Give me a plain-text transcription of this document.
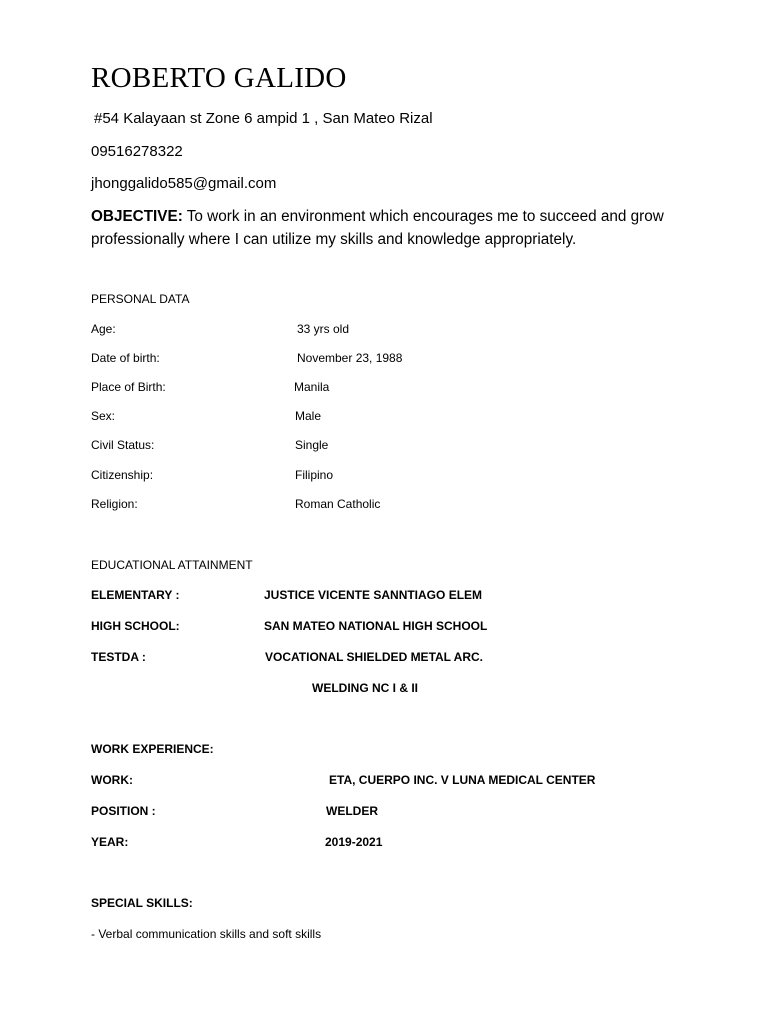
ROBERTO GALIDO
#54 Kalayaan st Zone 6 ampid 1 , San Mateo Rizal
09516278322
jhonggalido585@gmail.com
OBJECTIVE: To work in an environment which encourages me to succeed and grow professionally where I can utilize my skills and knowledge appropriately.
PERSONAL DATA
Age:	33 yrs old
Date of birth:	November 23, 1988
Place of Birth:	Manila
Sex:	Male
Civil Status:	Single
Citizenship:	Filipino
Religion:	Roman Catholic
EDUCATIONAL ATTAINMENT
ELEMENTARY :	JUSTICE VICENTE SANNTIAGO ELEM
HIGH SCHOOL:	SAN MATEO NATIONAL HIGH SCHOOL
TESTDA :	VOCATIONAL SHIELDED METAL ARC.
WELDING NC I & II
WORK EXPERIENCE:
WORK:	ETA, CUERPO INC. V LUNA MEDICAL CENTER
POSITION :	WELDER
YEAR:	2019-2021
SPECIAL SKILLS:
- Verbal communication skills and soft skills
